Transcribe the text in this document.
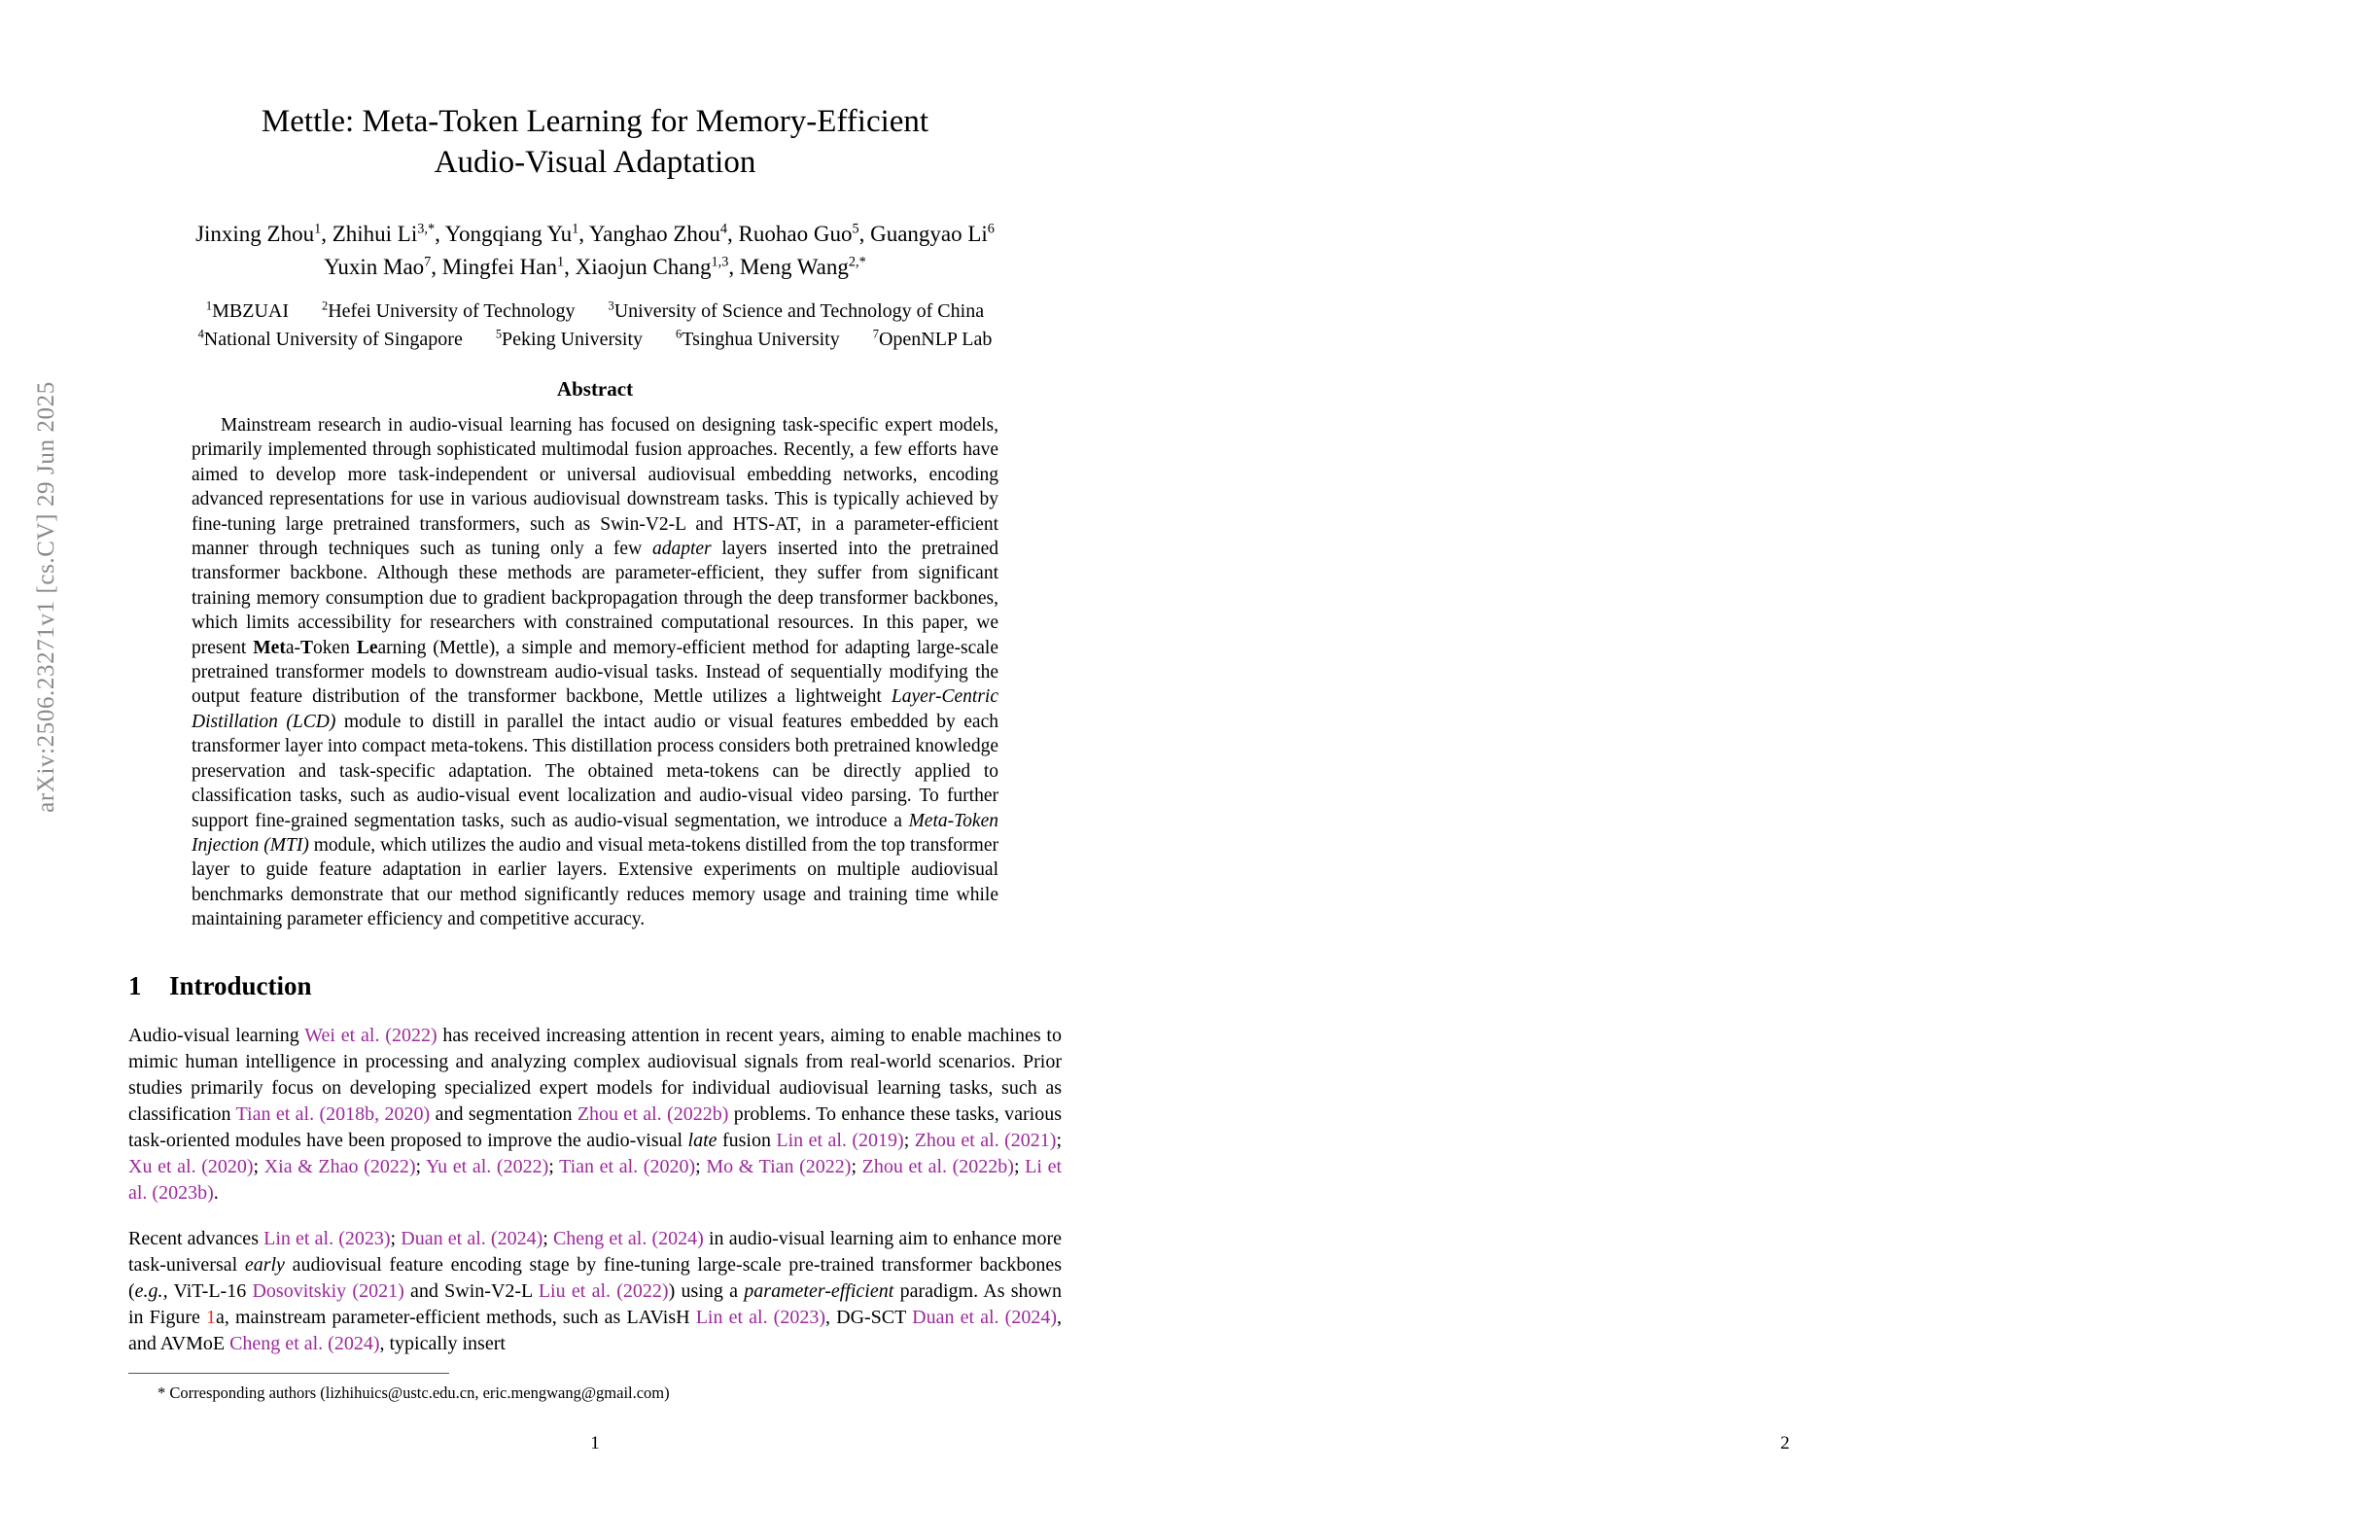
arXiv:2506.23271v1 [cs.CV] 29 Jun 2025
Mettle: Meta-Token Learning for Memory-Efficient
Audio-Visual Adaptation
Jinxing Zhou$^1$, Zhihui $Li^{3,*}$, Yongqiang Yu$^1$, Yanghao Zhou$^4$, Ruohao Guo$^5$, Guangyao Li$^6$
Yuxin Mao$^7$, Mingfei Han$^1$, Xiaojun Chang$^{1,3}$, Meng Wang$^{2,*}$
$^1$MBZUAI	$^2$Hefei University of Technology	$^3$University of Science and Technology of China
$^4$National University of Singapore	$^5$Peking University	$^6$Tsinghua University	$^7$OpenNLP Lab
Abstract
Mainstream research in audio-visual learning has focused on designing task-specific expert models, primarily implemented through sophisticated multimodal fusion approaches. Recently, a few efforts have aimed to develop more task-independent or universal audiovisual embedding networks, encoding advanced representations for use in various audiovisual downstream tasks. This is typically achieved by fine-tuning large pretrained transformers, such as Swin-V2-L and HTS-AT, in a parameter-efficient manner through techniques such as tuning only a few adapter layers inserted into the pretrained transformer backbone. Although these methods are parameter-efficient, they suffer from significant training memory consumption due to gradient backpropagation through the deep transformer backbones, which limits accessibility for researchers with constrained computational resources. In this paper, we present Meta-Token Learning (Mettle), a simple and memory-efficient method for adapting large-scale pretrained transformer models to downstream audio-visual tasks. Instead of sequentially modifying the output feature distribution of the transformer backbone, Mettle utilizes a lightweight Layer-Centric Distillation (LCD) module to distill in parallel the intact audio or visual features embedded by each transformer layer into compact meta-tokens. This distillation process considers both pretrained knowledge preservation and task-specific adaptation. The obtained meta-tokens can be directly applied to classification tasks, such as audio-visual event localization and audio-visual video parsing. To further support fine-grained segmentation tasks, such as audio-visual segmentation, we introduce a Meta-Token Injection (MTI) module, which utilizes the audio and visual meta-tokens distilled from the top transformer layer to guide feature adaptation in earlier layers. Extensive experiments on multiple audiovisual benchmarks demonstrate that our method significantly reduces memory usage and training time while maintaining parameter efficiency and competitive accuracy.
1 Introduction
Audio-visual learning Wei et al. (2022) has received increasing attention in recent years, aiming to enable machines to mimic human intelligence in processing and analyzing complex audiovisual signals from real-world scenarios. Prior studies primarily focus on developing specialized expert models for individual audiovisual learning tasks, such as classification Tian et al. (2018b, 2020) and segmentation Zhou et al. (2022b) problems. To enhance these tasks, various task-oriented modules have been proposed to improve the audio-visual late fusion Lin et al. (2019); Zhou et al. (2021); Xu et al. (2020); Xia & Zhao (2022); Yu et al. (2022); Tian et al. (2020); Mo & Tian (2022); Zhou et al. (2022b); Li et al. (2023b).
Recent advances Lin et al. (2023); Duan et al. (2024); Cheng et al. (2024) in audio-visual learning aim to enhance more task-universal early audiovisual feature encoding stage by fine-tuning large-scale pre-trained transformer backbones (e.g., ViT-L-16 Dosovitskiy (2021) and Swin-V2-L Liu et al. (2022)) using a parameter-efficient paradigm. As shown in Figure 1a, mainstream parameter-efficient methods, such as LAVisH Lin et al. (2023), DG-SCT Duan et al. (2024), and AVMoE Cheng et al. (2024), typically insert
* Corresponding authors (lizhihuics@ustc.edu.cn, eric.mengwang@gmail.com)
1	2
